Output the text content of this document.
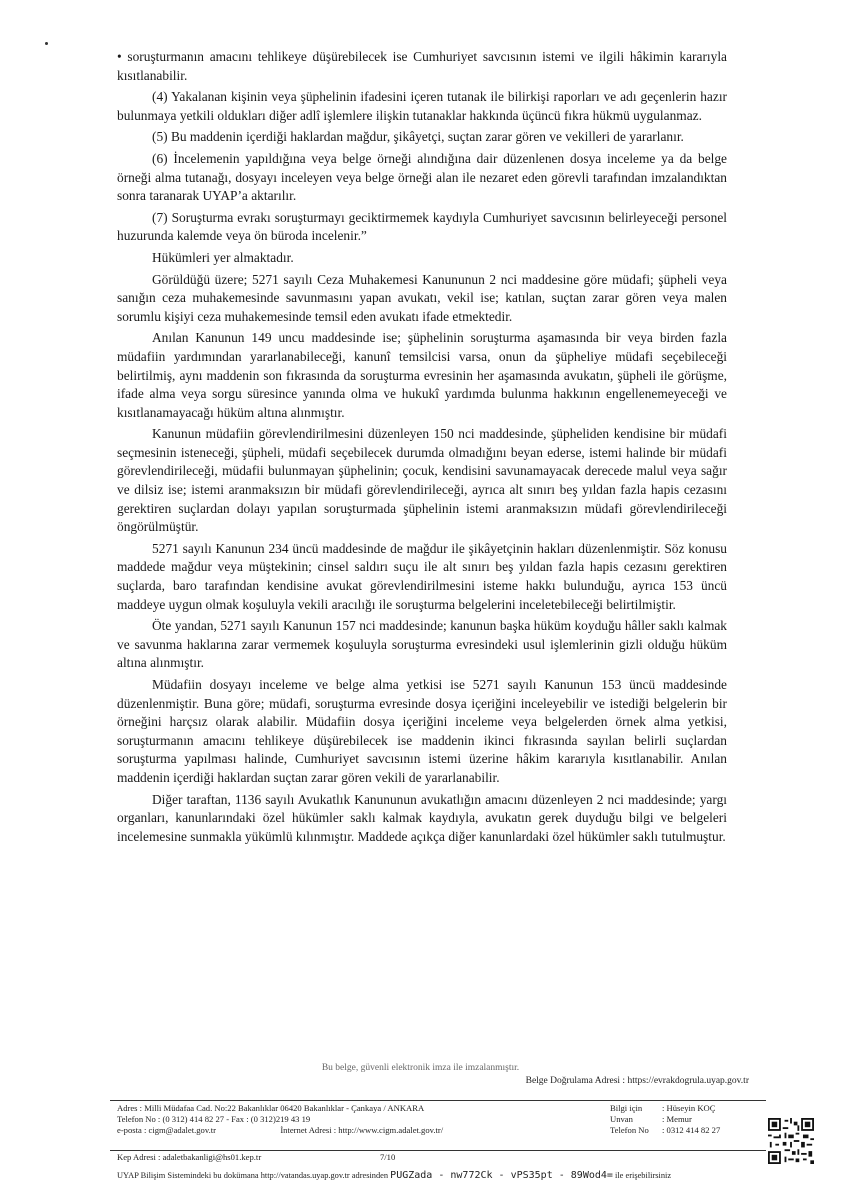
• soruşturmanın amacını tehlikeye düşürebilecek ise Cumhuriyet savcısının istemi ve ilgili hâkimin kararıyla kısıtlanabilir.

(4) Yakalanan kişinin veya şüphelinin ifadesini içeren tutanak ile bilirkişi raporları ve adı geçenlerin hazır bulunmaya yetkili oldukları diğer adlî işlemlere ilişkin tutanaklar hakkında üçüncü fıkra hükmü uygulanmaz.

(5) Bu maddenin içerdiği haklardan mağdur, şikâyetçi, suçtan zarar gören ve vekilleri de yararlanır.

(6) İncelemenin yapıldığına veya belge örneği alındığına dair düzenlenen dosya inceleme ya da belge örneği alma tutanağı, dosyayı inceleyen veya belge örneği alan ile nezaret eden görevli tarafından imzalandıktan sonra taranarak UYAP’a aktarılır.

(7) Soruşturma evrakı soruşturmayı geciktirmemek kaydıyla Cumhuriyet savcısının belirleyeceği personel huzurunda kalemde veya ön büroda incelenir.”

Hükümleri yer almaktadır.

Görüldüğü üzere; 5271 sayılı Ceza Muhakemesi Kanununun 2 nci maddesine göre müdafi; şüpheli veya sanığın ceza muhakemesinde savunmasını yapan avukatı, vekil ise; katılan, suçtan zarar gören veya malen sorumlu kişiyi ceza muhakemesinde temsil eden avukatı ifade etmektedir.

Anılan Kanunun 149 uncu maddesinde ise; şüphelinin soruşturma aşamasında bir veya birden fazla müdafiin yardımından yararlanabileceği, kanunî temsilcisi varsa, onun da şüpheliye müdafi seçebileceği belirtilmiş, aynı maddenin son fıkrasında da soruşturma evresinin her aşamasında avukatın, şüpheli ile görüşme, ifade alma veya sorgu süresince yanında olma ve hukukî yardımda bulunma hakkının engellenemeyeceği ve kısıtlanamayacağı hüküm altına alınmıştır.

Kanunun müdafiin görevlendirilmesini düzenleyen 150 nci maddesinde, şüpheliden kendisine bir müdafi seçmesinin isteneceği, şüpheli, müdafi seçebilecek durumda olmadığını beyan ederse, istemi halinde bir müdafi görevlendirileceği, müdafii bulunmayan şüphelinin; çocuk, kendisini savunamayacak derecede malul veya sağır ve dilsiz ise; istemi aranmaksızın bir müdafi görevlendirileceği, ayrıca alt sınırı beş yıldan fazla hapis cezasını gerektiren suçlardan dolayı yapılan soruşturmada şüphelinin istemi aranmaksızın müdafi görevlendirileceği öngörülmüştür.

5271 sayılı Kanunun 234 üncü maddesinde de mağdur ile şikâyetçinin hakları düzenlenmiştir. Söz konusu maddede mağdur veya müştekinin; cinsel saldırı suçu ile alt sınırı beş yıldan fazla hapis cezasını gerektiren suçlarda, baro tarafından kendisine avukat görevlendirilmesini isteme hakkı bulunduğu, ayrıca 153 üncü maddeye uygun olmak koşuluyla vekili aracılığı ile soruşturma belgelerini inceletebileceği belirtilmiştir.

Öte yandan, 5271 sayılı Kanunun 157 nci maddesinde; kanunun başka hüküm koyduğu hâller saklı kalmak ve savunma haklarına zarar vermemek koşuluyla soruşturma evresindeki usul işlemlerinin gizli olduğu hüküm altına alınmıştır.

Müdafiin dosyayı inceleme ve belge alma yetkisi ise 5271 sayılı Kanunun 153 üncü maddesinde düzenlenmiştir. Buna göre; müdafi, soruşturma evresinde dosya içeriğini inceleyebilir ve istediği belgelerin bir örneğini harçsız olarak alabilir. Müdafiin dosya içeriğini inceleme veya belgelerden örnek alma yetkisi, soruşturmanın amacını tehlikeye düşürebilecek ise maddenin ikinci fıkrasında sayılan belirli suçlardan soruşturma yapılması halinde, Cumhuriyet savcısının istemi üzerine hâkim kararıyla kısıtlanabilir. Anılan maddenin içerdiği haklardan suçtan zarar gören vekili de yararlanabilir.

Diğer taraftan, 1136 sayılı Avukatlık Kanununun avukatlığın amacını düzenleyen 2 nci maddesinde; yargı organları, kanunlarındaki özel hükümler saklı kalmak kaydıyla, avukatın gerek duyduğu bilgi ve belgeleri incelemesine sunmakla yükümlü kılınmıştır. Maddede açıkça diğer kanunlardaki özel hükümler saklı tutulmuştur.

Bu belge, güvenli elektronik imza ile imzalanmıştır.
Belge Doğrulama Adresi : https://evrakdogrula.uyap.gov.tr
Adres : Milli Müdafaa Cad. No:22 Bakanlıklar 06420 Bakanlıklar - Çankaya / ANKARA
Telefon No : (0 312) 414 82 27 - Fax : (0 312)219 43 19
e-posta : cigm@adalet.gov.tr	İnternet Adresi : http://www.cigm.adalet.gov.tr/
Bilgi için : Hüseyin KOÇ
Unvan	: Memur
Telefon No : 0312 414 82 27
Kep Adresi : adaletbakanligi@hs01.kep.tr	7/10
UYAP Bilişim Sistemindeki bu dokümana http://vatandas.uyap.gov.tr adresinden PUGZada - nw772Ck - vPS35pt - 89Wod4= ile erişebilirsiniz
